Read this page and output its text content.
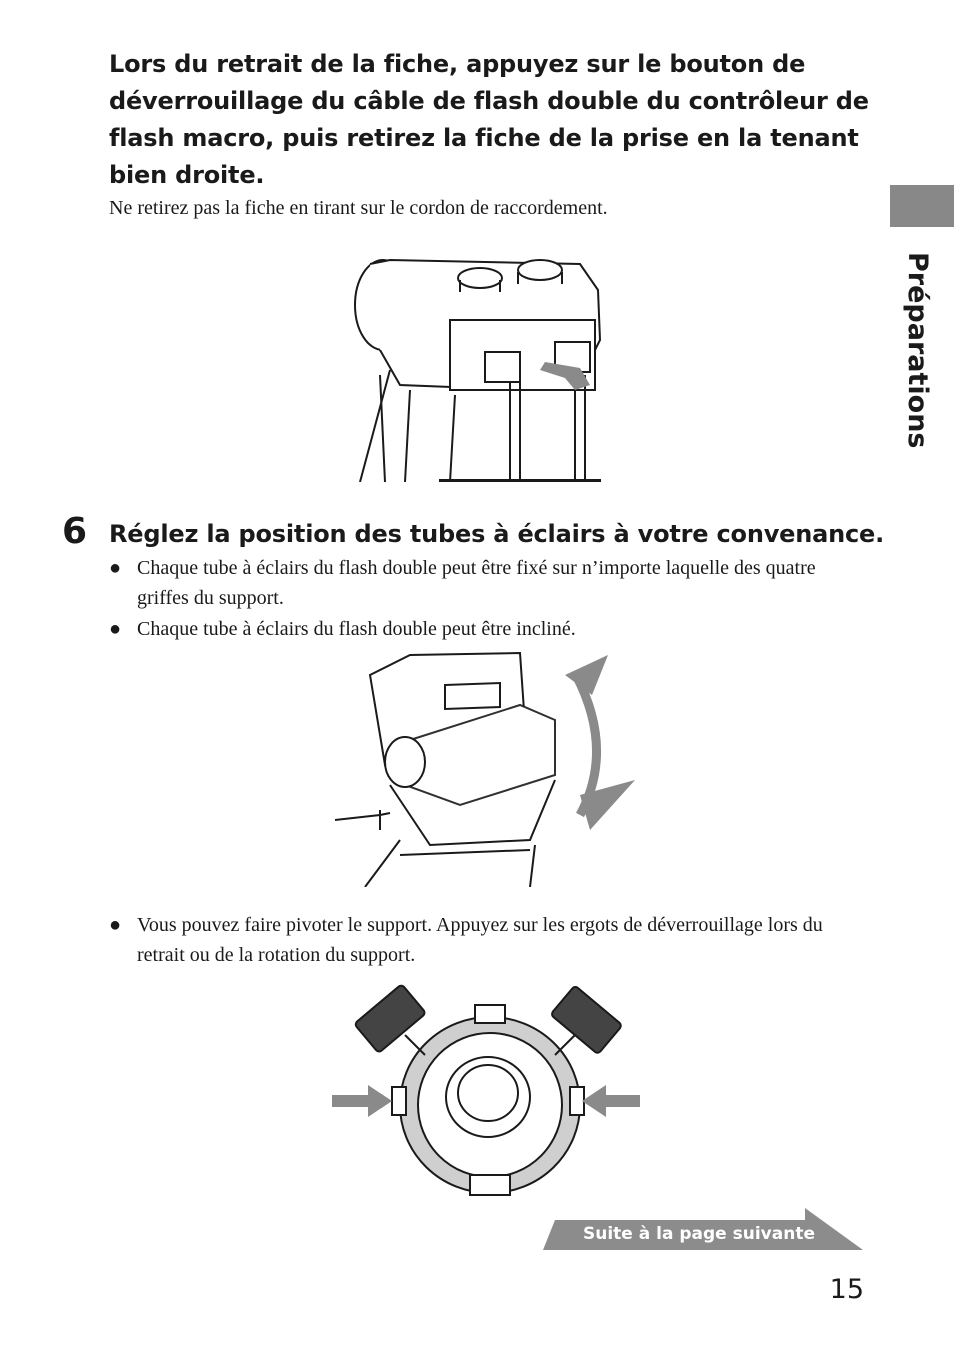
Lors du retrait de la fiche, appuyez sur le bouton de déverrouillage du câble de flash double du contrôleur de flash macro, puis retirez la fiche de la prise en la tenant bien droite.
Ne retirez pas la fiche en tirant sur le cordon de raccordement.
Préparations
6 Réglez la position des tubes à éclairs à votre convenance.
● Chaque tube à éclairs du flash double peut être fixé sur n’importe laquelle des quatre griffes du support.
● Chaque tube à éclairs du flash double peut être incliné.
● Vous pouvez faire pivoter le support. Appuyez sur les ergots de déverrouillage lors du retrait ou de la rotation du support.
Suite à la page suivante
15
